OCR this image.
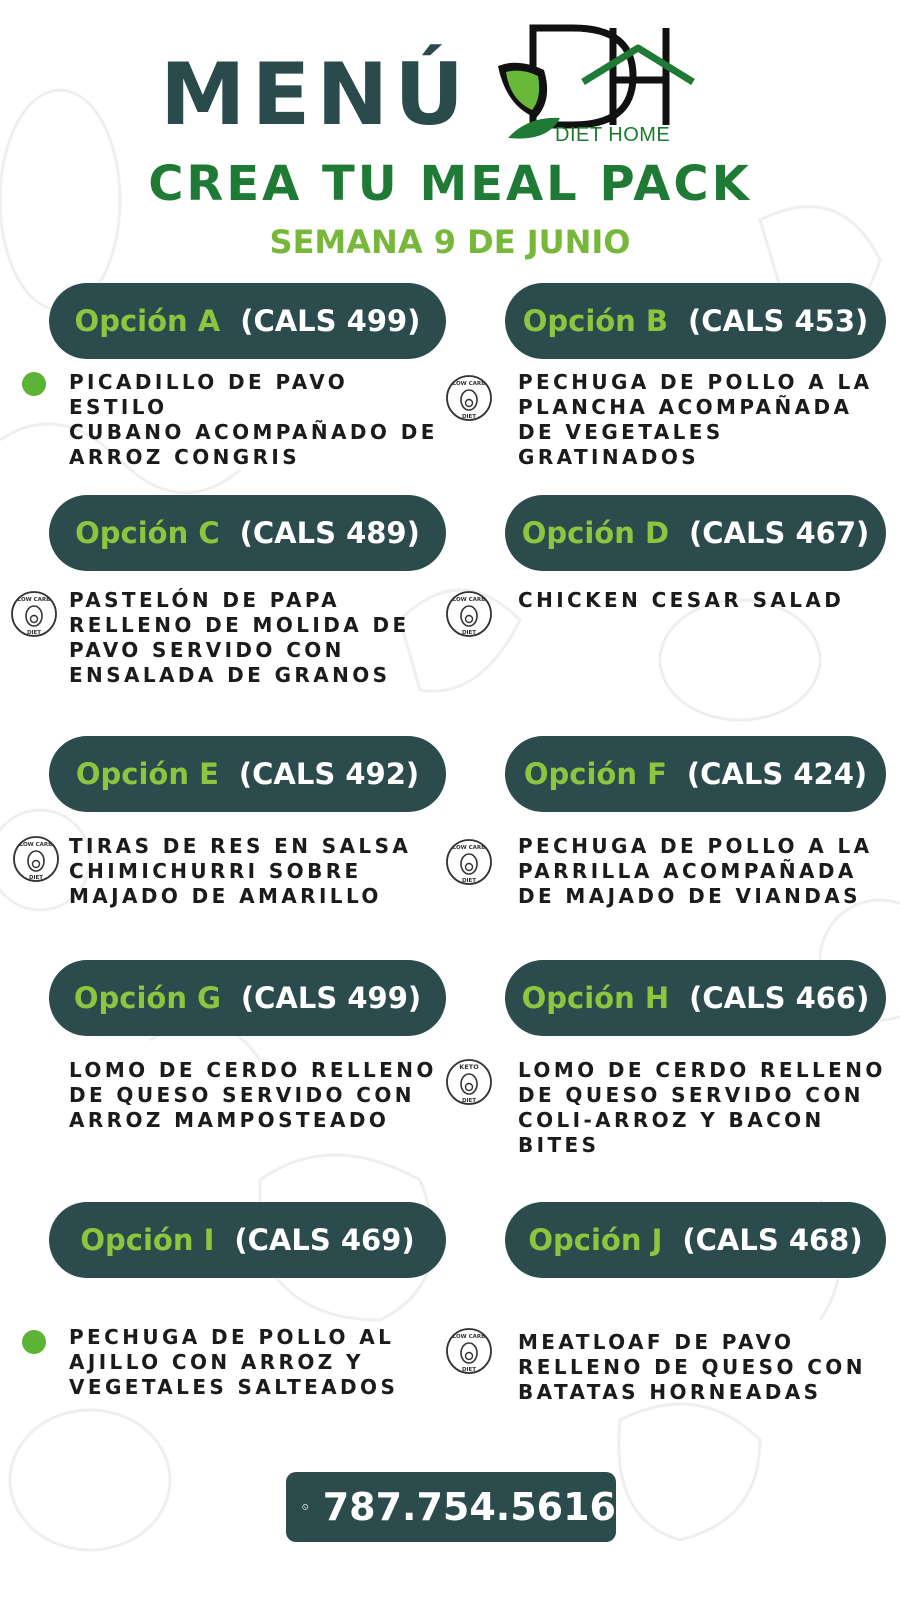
MENÚ	DIET HOME
CREA TU MEAL PACK
SEMANA 9 DE JUNIO
Opción A (CALS 499)
PICADILLO DE PAVO ESTILO
CUBANO ACOMPAÑADO DE
ARROZ CONGRIS
Opción B (CALS 453)
LOW CARB
DIET
PECHUGA DE POLLO A LA
PLANCHA ACOMPAÑADA
DE VEGETALES
GRATINADOS
Opción C (CALS 489)
LOW CARB
DIET
PASTELÓN DE PAPA
RELLENO DE MOLIDA DE
PAVO SERVIDO CON
ENSALADA DE GRANOS
Opción D (CALS 467)
LOW CARB
DIET
CHICKEN CESAR SALAD
Opción E (CALS 492)
LOW CARB
DIET
TIRAS DE RES EN SALSA
CHIMICHURRI SOBRE
MAJADO DE AMARILLO
Opción F (CALS 424)
LOW CARB
DIET
PECHUGA DE POLLO A LA
PARRILLA ACOMPAÑADA
DE MAJADO DE VIANDAS
Opción G (CALS 499)
LOMO DE CERDO RELLENO
DE QUESO SERVIDO CON
ARROZ MAMPOSTEADO
Opción H (CALS 466)
KETO
DIET
LOMO DE CERDO RELLENO
DE QUESO SERVIDO CON
COLI-ARROZ Y BACON
BITES
Opción I (CALS 469)
PECHUGA DE POLLO AL
AJILLO CON ARROZ Y
VEGETALES SALTEADOS
Opción J (CALS 468)
LOW CARB
DIET
MEATLOAF DE PAVO
RELLENO DE QUESO CON
BATATAS HORNEADAS
787.754.5616
